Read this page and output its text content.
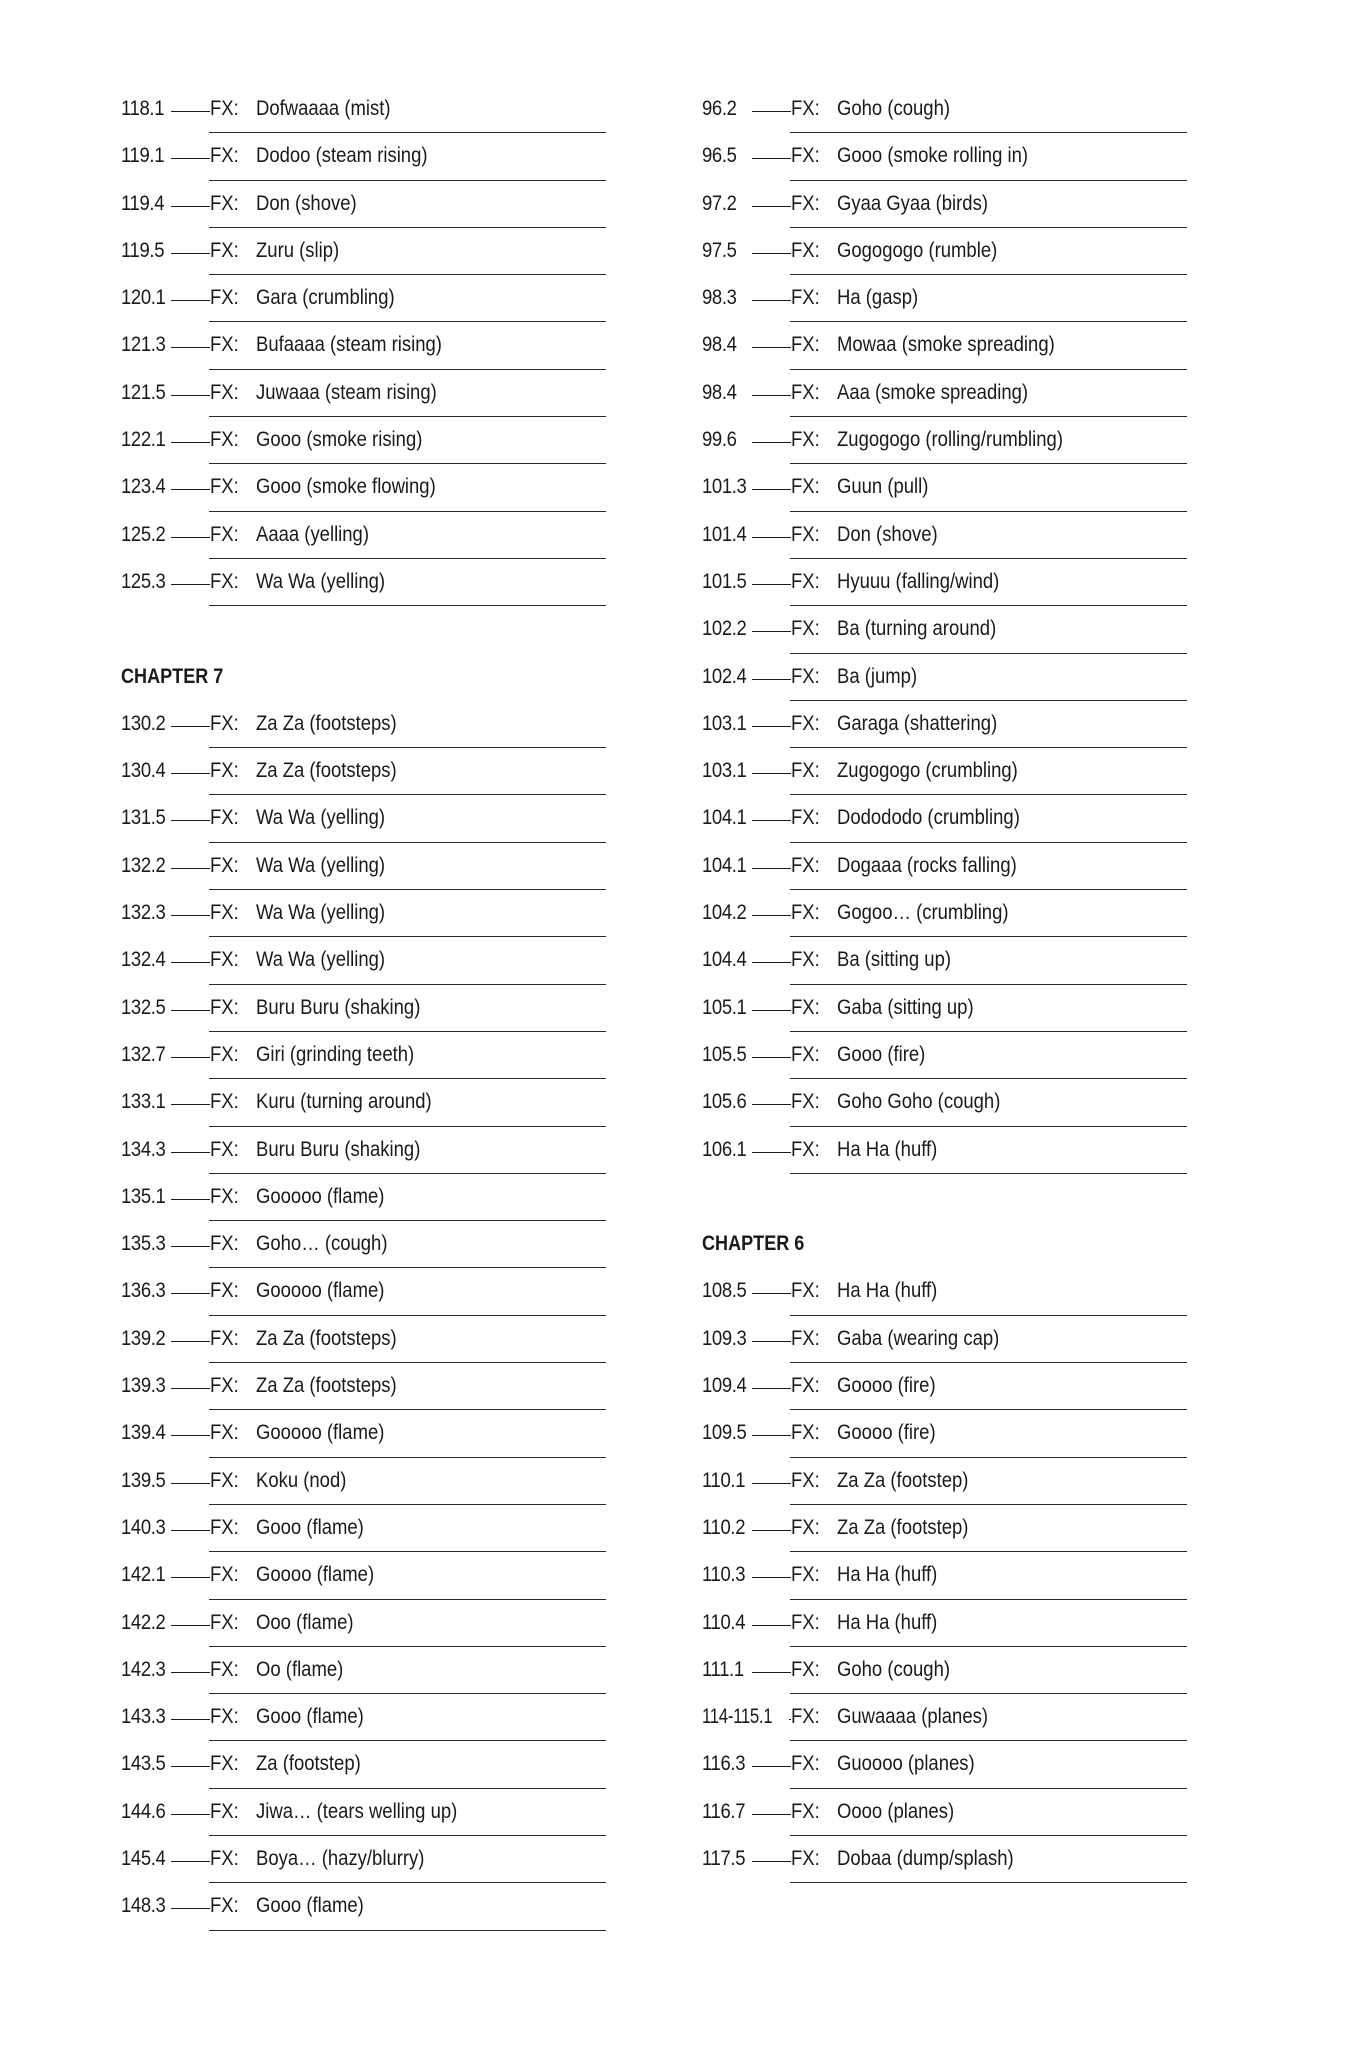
118.1 FX: Dofwaaaa (mist)
119.1 FX: Dodoo (steam rising)
119.4 FX: Don (shove)
119.5 FX: Zuru (slip)
120.1 FX: Gara (crumbling)
121.3 FX: Bufaaaa (steam rising)
121.5 FX: Juwaaa (steam rising)
122.1 FX: Gooo (smoke rising)
123.4 FX: Gooo (smoke flowing)
125.2 FX: Aaaa (yelling)
125.3 FX: Wa Wa (yelling)
CHAPTER 7
130.2 FX: Za Za (footsteps)
130.4 FX: Za Za (footsteps)
131.5 FX: Wa Wa (yelling)
132.2 FX: Wa Wa (yelling)
132.3 FX: Wa Wa (yelling)
132.4 FX: Wa Wa (yelling)
132.5 FX: Buru Buru (shaking)
132.7 FX: Giri (grinding teeth)
133.1 FX: Kuru (turning around)
134.3 FX: Buru Buru (shaking)
135.1 FX: Gooooo (flame)
135.3 FX: Goho… (cough)
136.3 FX: Gooooo (flame)
139.2 FX: Za Za (footsteps)
139.3 FX: Za Za (footsteps)
139.4 FX: Gooooo (flame)
139.5 FX: Koku (nod)
140.3 FX: Gooo (flame)
142.1 FX: Goooo (flame)
142.2 FX: Ooo (flame)
142.3 FX: Oo (flame)
143.3 FX: Gooo (flame)
143.5 FX: Za (footstep)
144.6 FX: Jiwa… (tears welling up)
145.4 FX: Boya… (hazy/blurry)
148.3 FX: Gooo (flame)
96.2	FX: Goho (cough)
96.5	FX: Gooo (smoke rolling in)
97.2	FX: Gyaa Gyaa (birds)
97.5	FX: Gogogogo (rumble)
98.3	FX: Ha (gasp)
98.4	FX: Mowaa (smoke spreading)
98.4	FX: Aaa (smoke spreading)
99.6	FX: Zugogogo (rolling/rumbling)
101.3 FX: Guun (pull)
101.4 FX: Don (shove)
101.5 FX: Hyuuu (falling/wind)
102.2 FX: Ba (turning around)
102.4 FX: Ba (jump)
103.1 FX: Garaga (shattering)
103.1 FX: Zugogogo (crumbling)
104.1 FX: Dodododo (crumbling)
104.1 FX: Dogaaa (rocks falling)
104.2 FX: Gogoo… (crumbling)
104.4 FX: Ba (sitting up)
105.1 FX: Gaba (sitting up)
105.5 FX: Gooo (fire)
105.6 FX: Goho Goho (cough)
106.1 FX: Ha Ha (huff)
CHAPTER 6
108.5 FX: Ha Ha (huff)
109.3 FX: Gaba (wearing cap)
109.4 FX: Goooo (fire)
109.5 FX: Goooo (fire)
110.1 FX: Za Za (footstep)
110.2 FX: Za Za (footstep)
110.3 FX: Ha Ha (huff)
110.4 FX: Ha Ha (huff)
111.1 FX: Goho (cough)
114-115.1 FX: Guwaaaa (planes)
116.3 FX: Guoooo (planes)
116.7 FX: Oooo (planes)
117.5 FX: Dobaa (dump/splash)
